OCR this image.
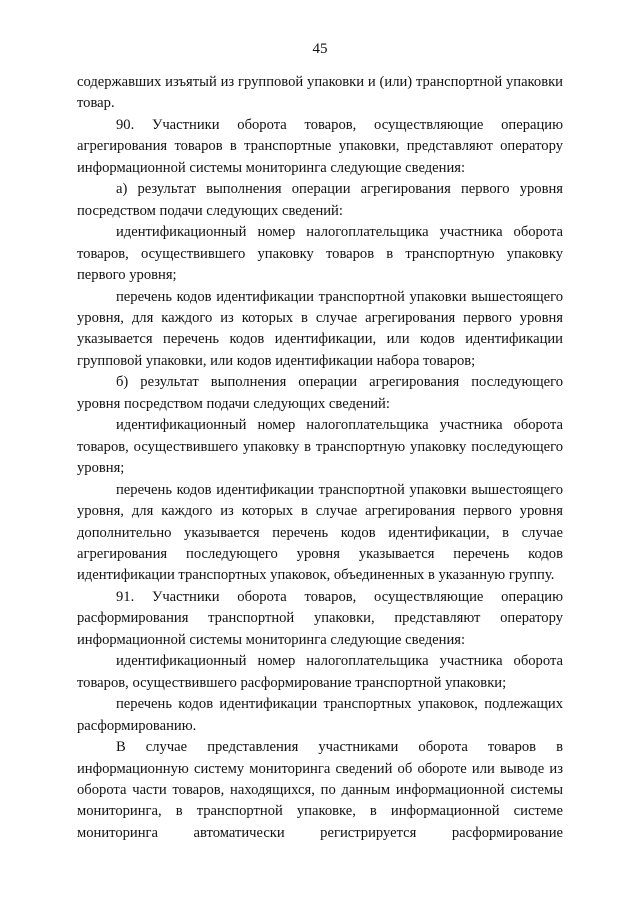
45

содержавших изъятый из групповой упаковки и (или) транспортной упаковки товар.

90. Участники оборота товаров, осуществляющие операцию агрегирования товаров в транспортные упаковки, представляют оператору информационной системы мониторинга следующие сведения:

а) результат выполнения операции агрегирования первого уровня посредством подачи следующих сведений:

идентификационный номер налогоплательщика участника оборота товаров, осуществившего упаковку товаров в транспортную упаковку первого уровня;

перечень кодов идентификации транспортной упаковки вышестоящего уровня, для каждого из которых в случае агрегирования первого уровня указывается перечень кодов идентификации, или кодов идентификации групповой упаковки, или кодов идентификации набора товаров;

б) результат выполнения операции агрегирования последующего уровня посредством подачи следующих сведений:

идентификационный номер налогоплательщика участника оборота товаров, осуществившего упаковку в транспортную упаковку последующего уровня;

перечень кодов идентификации транспортной упаковки вышестоящего уровня, для каждого из которых в случае агрегирования первого уровня дополнительно указывается перечень кодов идентификации, в случае агрегирования последующего уровня указывается перечень кодов идентификации транспортных упаковок, объединенных в указанную группу.

91. Участники оборота товаров, осуществляющие операцию расформирования транспортной упаковки, представляют оператору информационной системы мониторинга следующие сведения:

идентификационный номер налогоплательщика участника оборота товаров, осуществившего расформирование транспортной упаковки;

перечень кодов идентификации транспортных упаковок, подлежащих расформированию.

В случае представления участниками оборота товаров в информационную систему мониторинга сведений об обороте или выводе из оборота части товаров, находящихся, по данным информационной системы мониторинга, в транспортной упаковке, в информационной системе мониторинга автоматически регистрируется расформирование
